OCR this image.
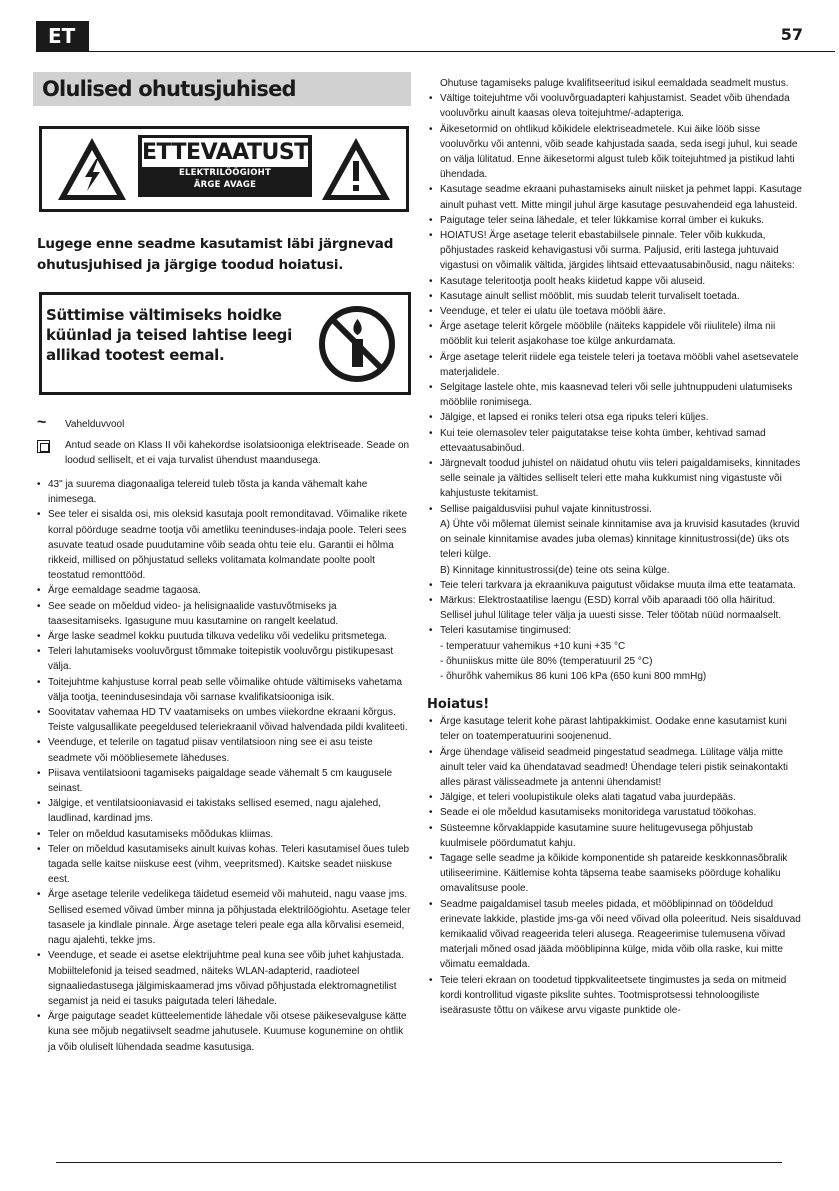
ET	57
Olulised ohutusjuhised
ETTEVAATUST
ELEKTRILÖÖGIOHT
ÄRGE AVAGE
Lugege enne seadme kasutamist läbi järgnevad ohutusjuhised ja järgige toodud hoiatusi.
Süttimise vältimiseks hoidke küünlad ja teised lahtise leegi allikad tootest eemal.
~	Vahelduvvool
Antud seade on Klass II või kahekordse isolatsiooniga elektriseade. Seade on loodud selliselt, et ei vaja turvalist ühendust maandusega.
• 43" ja suurema diagonaaliga telereid tuleb tõsta ja kanda vähemalt kahe inimesega.
• See teler ei sisalda osi, mis oleksid kasutaja poolt remonditavad. Võimalike rikete korral pöörduge seadme tootja või ametliku teeninduses-indaja poole. Teleri sees asuvate teatud osade puudutamine võib seada ohtu teie elu. Garantii ei hõlma rikkeid, millised on põhjustatud selleks volitamata kolmandate poolte poolt teostatud remonttööd.
• Ärge eemaldage seadme tagaosa.
• See seade on mõeldud video- ja helisignaalide vastuvõtmiseks ja taasesitamiseks. Igasugune muu kasutamine on rangelt keelatud.
• Ärge laske seadmel kokku puutuda tilkuva vedeliku või vedeliku pritsmetega.
• Teleri lahutamiseks vooluvõrgust tõmmake toitepistik vooluvõrgu pistikupesast välja.
• Toitejuhtme kahjustuse korral peab selle võimalike ohtude vältimiseks vahetama välja tootja, teenindusesindaja või sarnase kvalifikatsiooniga isik.
• Soovitatav vahemaa HD TV vaatamiseks on umbes viiekordne ekraani kõrgus. Teiste valgusallikate peegeldused teleriekraanil võivad halvendada pildi kvaliteeti.
• Veenduge, et telerile on tagatud piisav ventilatsioon ning see ei asu teiste seadmete või mööbliesemete läheduses.
• Piisava ventilatsiooni tagamiseks paigaldage seade vähemalt 5 cm kaugusele seinast.
• Jälgige, et ventilatsiooniavasid ei takistaks sellised esemed, nagu ajalehed, laudlinad, kardinad jms.
• Teler on mõeldud kasutamiseks mõõdukas kliimas.
• Teler on mõeldud kasutamiseks ainult kuivas kohas. Teleri kasutamisel õues tuleb tagada selle kaitse niiskuse eest (vihm, veepritsmed). Kaitske seadet niiskuse eest.
• Ärge asetage telerile vedelikega täidetud esemeid või mahuteid, nagu vaase jms. Sellised esemed võivad ümber minna ja põhjustada elektrilöögiohtu. Asetage teler tasasele ja kindlale pinnale. Ärge asetage teleri peale ega alla kõrvalisi esemeid, nagu ajalehti, tekke jms.
• Veenduge, et seade ei asetse elektrijuhtme peal kuna see võib juhet kahjustada. Mobiiltelefonid ja teised seadmed, näiteks WLAN-adapterid, raadioteel signaaliedastusega jälgimiskaamerad jms võivad põhjustada elektromagnetilist segamist ja neid ei tasuks paigutada teleri lähedale.
• Ärge paigutage seadet kütteelementide lähedale või otsese päikesevalguse kätte kuna see mõjub negatiivselt seadme jahutusele. Kuumuse kogunemine on ohtlik ja võib oluliselt lühendada seadme kasutusiga.
Ohutuse tagamiseks paluge kvalifitseeritud isikul eemaldada seadmelt mustus.
• Vältige toitejuhtme või vooluvõrguadapteri kahjustamist. Seadet võib ühendada vooluvõrku ainult kaasas oleva toitejuhtme/-adapteriga.
• Äikesetormid on ohtlikud kõikidele elektriseadmetele. Kui äike lööb sisse vooluvõrku või antenni, võib seade kahjustada saada, seda isegi juhul, kui seade on välja lülitatud. Enne äikesetormi algust tuleb kõik toitejuhtmed ja pistikud lahti ühendada.
• Kasutage seadme ekraani puhastamiseks ainult niisket ja pehmet lappi. Kasutage ainult puhast vett. Mitte mingil juhul ärge kasutage pesuvahendeid ega lahusteid.
• Paigutage teler seina lähedale, et teler lükkamise korral ümber ei kukuks.
• HOIATUS! Ärge asetage telerit ebastabiilsele pinnale. Teler võib kukkuda, põhjustades raskeid kehavigastusi või surma. Paljusid, eriti lastega juhtuvaid vigastusi on võimalik vältida, järgides lihtsaid ettevaatusabinõusid, nagu näiteks:
• Kasutage teleritootja poolt heaks kiidetud kappe või aluseid.
• Kasutage ainult sellist mööblit, mis suudab telerit turvaliselt toetada.
• Veenduge, et teler ei ulatu üle toetava mööbli ääre.
• Ärge asetage telerit kõrgele mööblile (näiteks kappidele või riiulitele) ilma nii mööblit kui telerit asjakohase toe külge ankurdamata.
• Ärge asetage telerit riidele ega teistele teleri ja toetava mööbli vahel asetsevatele materjalidele.
• Selgitage lastele ohte, mis kaasnevad teleri või selle juhtnuppudeni ulatumiseks mööblile ronimisega.
• Jälgige, et lapsed ei roniks teleri otsa ega ripuks teleri küljes.
• Kui teie olemasolev teler paigutatakse teise kohta ümber, kehtivad samad ettevaatusabinõud.
• Järgnevalt toodud juhistel on näidatud ohutu viis teleri paigaldamiseks, kinnitades selle seinale ja vältides selliselt teleri ette maha kukkumist ning vigastuste või kahjustuste tekitamist.
• Sellise paigaldusviisi puhul vajate kinnitustrossi.
A) Ühte või mõlemat ülemist seinale kinnitamise ava ja kruvisid kasutades (kruvid on seinale kinnitamise avades juba olemas) kinnitage kinnitustrossi(de) üks ots teleri külge.
B) Kinnitage kinnitustrossi(de) teine ots seina külge.
• Teie teleri tarkvara ja ekraanikuva paigutust võidakse muuta ilma ette teatamata.
• Märkus: Elektrostaatilise laengu (ESD) korral võib aparaadi töö olla häiritud. Sellisel juhul lülitage teler välja ja uuesti sisse. Teler töötab nüüd normaalselt.
• Teleri kasutamise tingimused:
- temperatuur vahemikus +10 kuni +35 °C
- õhuniiskus mitte üle 80% (temperatuuril 25 °C)
- õhurõhk vahemikus 86 kuni 106 kPa (650 kuni 800 mmHg)
Hoiatus!
• Ärge kasutage telerit kohe pärast lahtipakkimist. Oodake enne kasutamist kuni teler on toatemperatuurini soojenenud.
• Ärge ühendage väliseid seadmeid pingestatud seadmega. Lülitage välja mitte ainult teler vaid ka ühendatavad seadmed! Ühendage teleri pistik seinakontakti alles pärast välisseadmete ja antenni ühendamist!
• Jälgige, et teleri voolupistikule oleks alati tagatud vaba juurdepääs.
• Seade ei ole mõeldud kasutamiseks monitoridega varustatud töökohas.
• Süsteemne kõrvaklappide kasutamine suure helitugevusega põhjustab kuulmisele pöördumatut kahju.
• Tagage selle seadme ja kõikide komponentide sh patareide keskkonnasõbralik utiliseerimine. Käitlemise kohta täpsema teabe saamiseks pöörduge kohaliku omavalitsuse poole.
• Seadme paigaldamisel tasub meeles pidada, et mööblipinnad on töödeldud erinevate lakkide, plastide jms-ga või need võivad olla poleeritud. Neis sisalduvad kemikaalid võivad reageerida teleri alusega. Reageerimise tulemusena võivad materjali mõned osad jääda mööblipinna külge, mida võib olla raske, kui mitte võimatu eemaldada.
• Teie teleri ekraan on toodetud tippkvaliteetsete tingimustes ja seda on mitmeid kordi kontrollitud vigaste pikslite suhtes. Tootmisprotsessi tehnoloogiliste iseärasuste tõttu on väikese arvu vigaste punktide ole-
